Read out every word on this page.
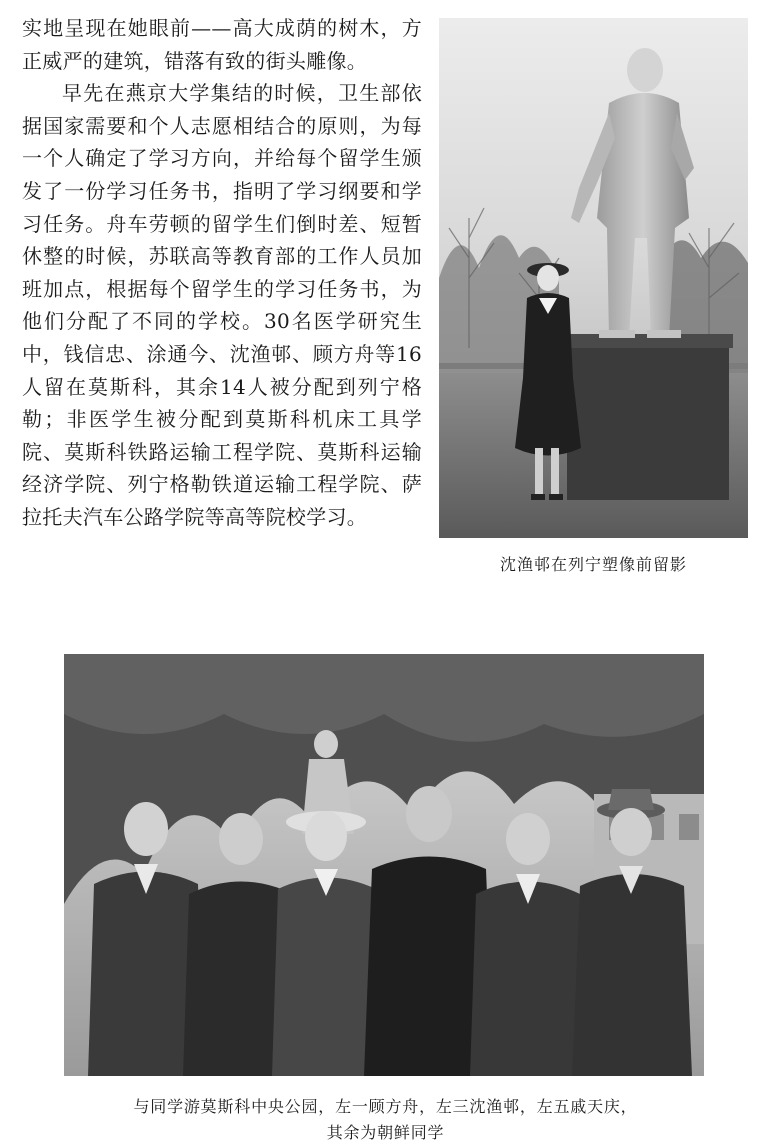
实地呈现在她眼前——高大成荫的树木，方正威严的建筑，错落有致的街头雕像。

早先在燕京大学集结的时候，卫生部依据国家需要和个人志愿相结合的原则，为每一个人确定了学习方向，并给每个留学生颁发了一份学习任务书，指明了学习纲要和学习任务。舟车劳顿的留学生们倒时差、短暂休整的时候，苏联高等教育部的工作人员加班加点，根据每个留学生的学习任务书，为他们分配了不同的学校。30名医学研究生中，钱信忠、涂通今、沈渔邨、顾方舟等16人留在莫斯科，其余14人被分配到列宁格勒；非医学生被分配到莫斯科机床工具学院、莫斯科铁路运输工程学院、莫斯科运输经济学院、列宁格勒铁道运输工程学院、萨拉托夫汽车公路学院等高等院校学习。

沈渔邨在列宁塑像前留影
与同学游莫斯科中央公园，左一顾方舟，左三沈渔邨，左五戚天庆，
其余为朝鲜同学
